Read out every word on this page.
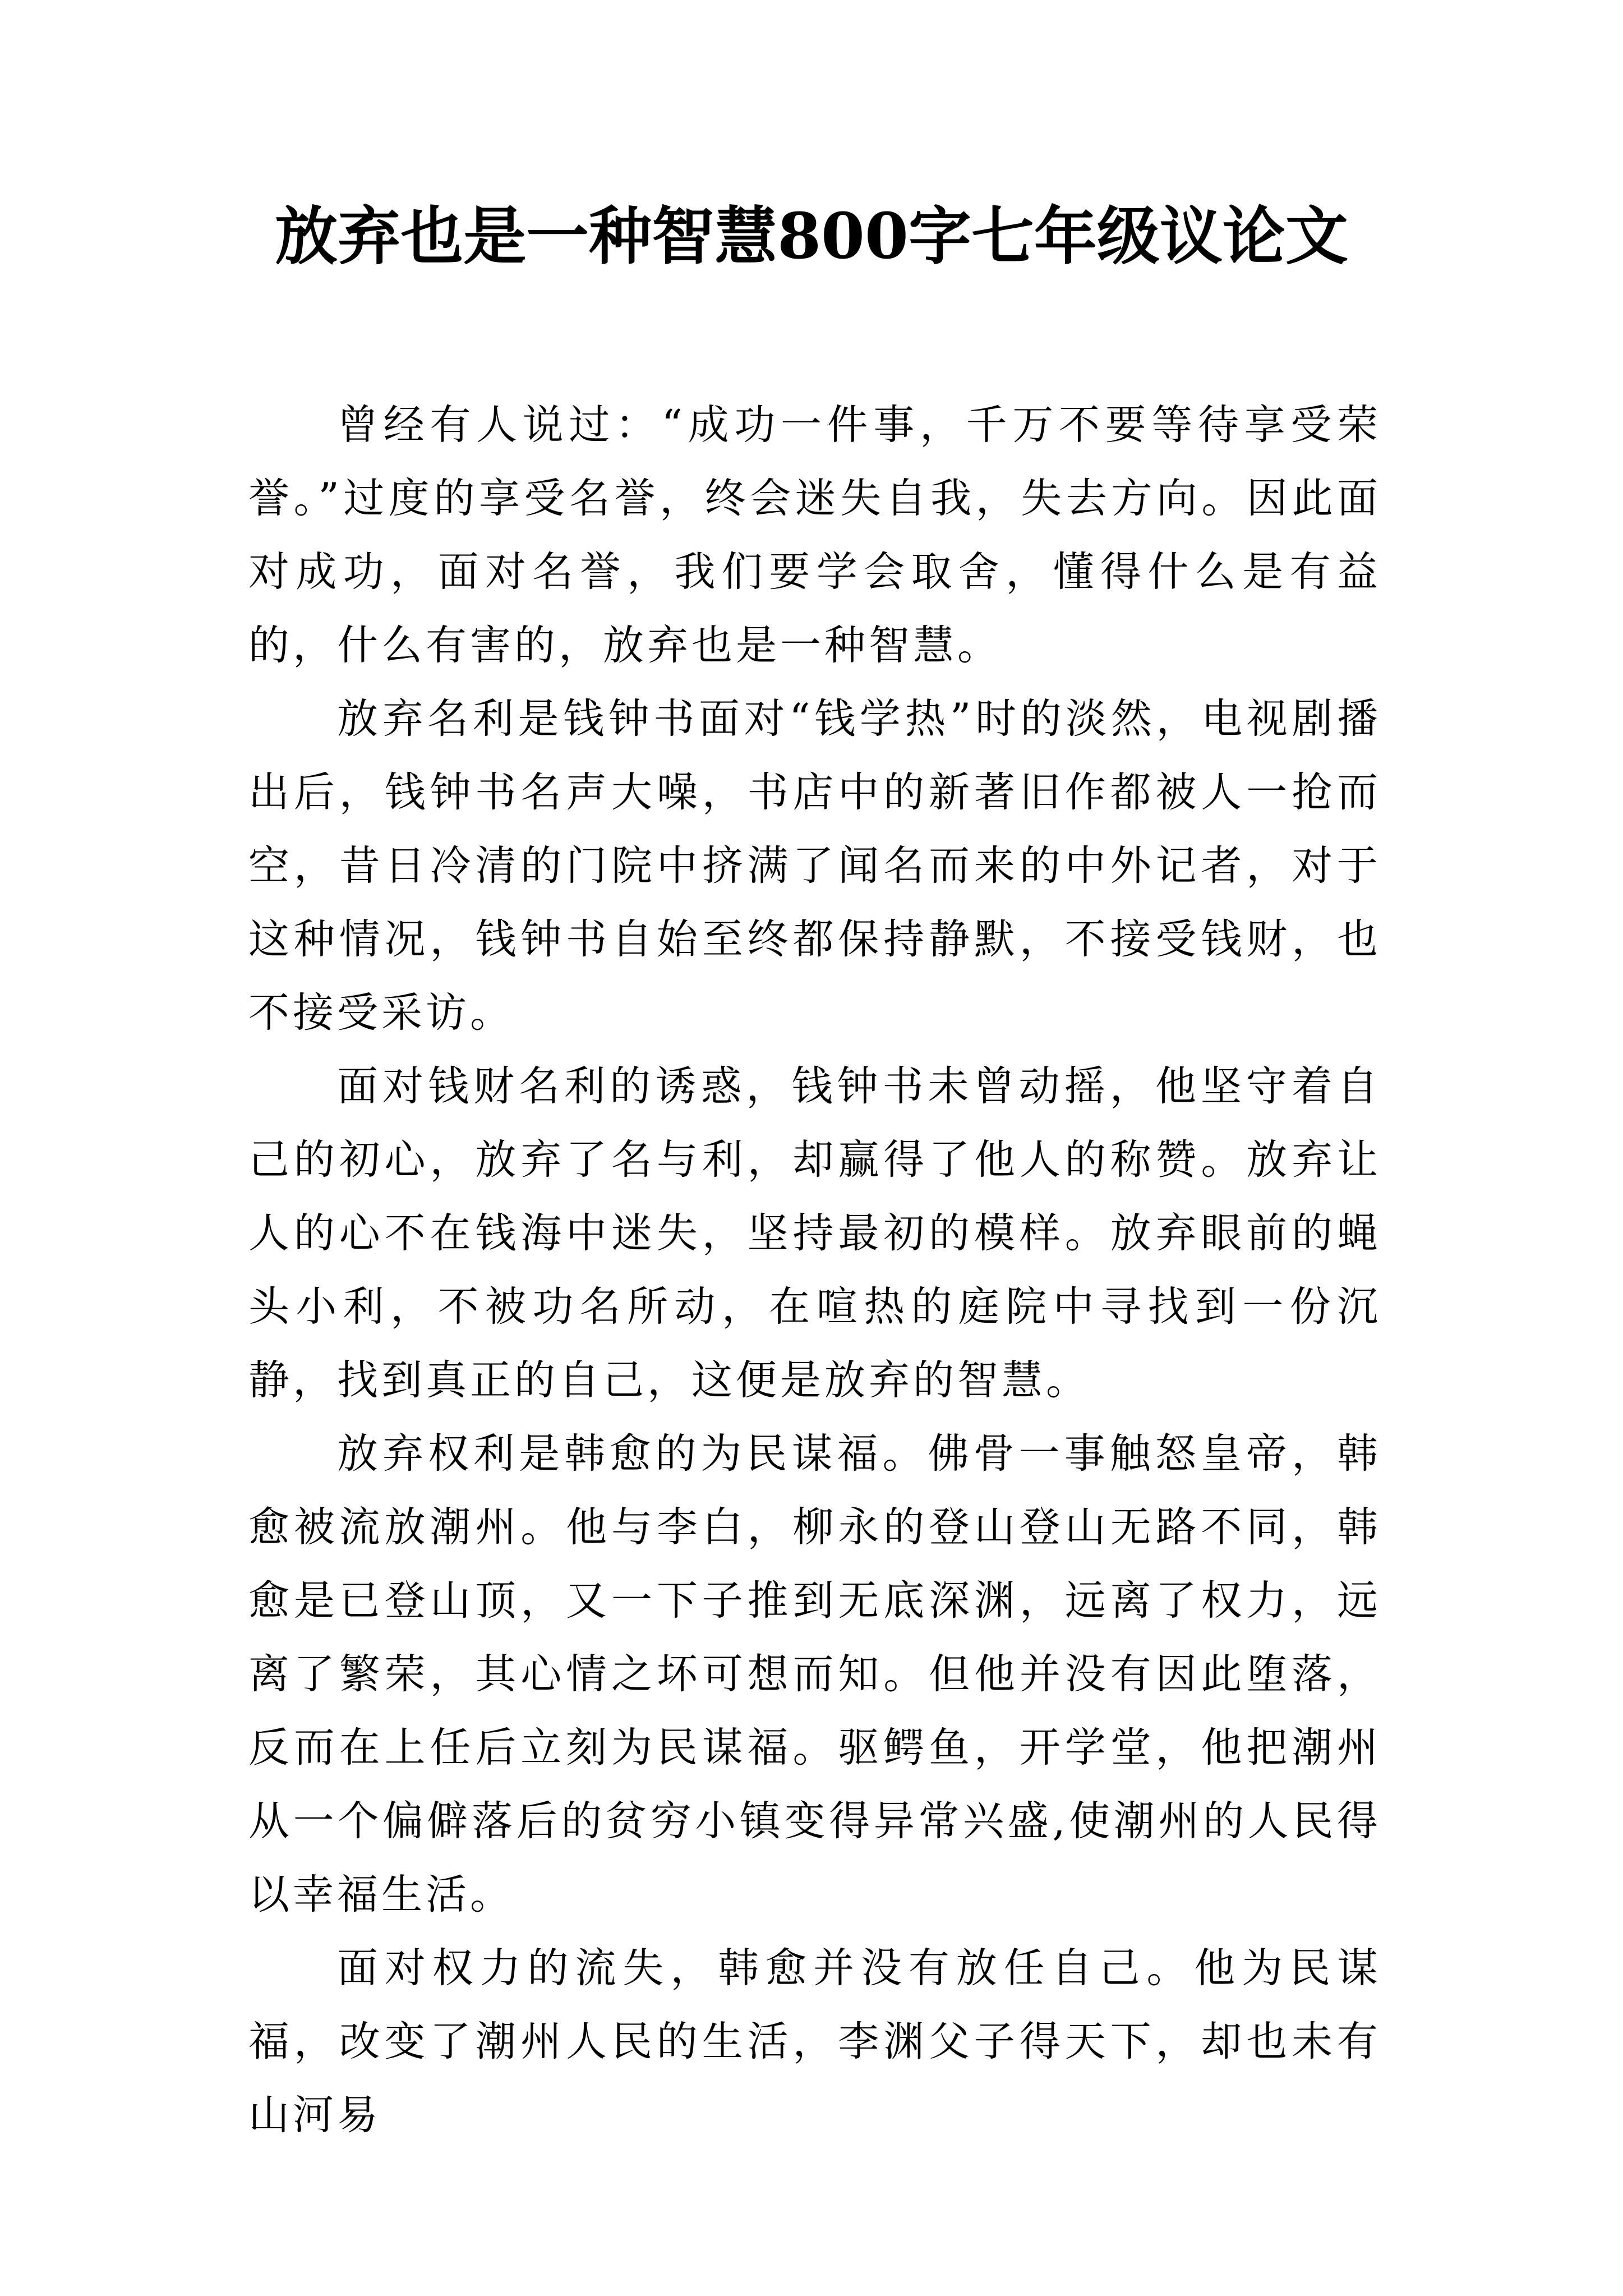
放弃也是一种智慧800字七年级议论文

曾经有人说过：“成功一件事，千万不要等待享受荣誉。”过度的享受名誉，终会迷失自我，失去方向。因此面对成功，面对名誉，我们要学会取舍，懂得什么是有益的，什么有害的，放弃也是一种智慧。

放弃名利是钱钟书面对“钱学热”时的淡然，电视剧播出后，钱钟书名声大噪，书店中的新著旧作都被人一抢而空，昔日冷清的门院中挤满了闻名而来的中外记者，对于这种情况，钱钟书自始至终都保持静默，不接受钱财，也不接受采访。

面对钱财名利的诱惑，钱钟书未曾动摇，他坚守着自己的初心，放弃了名与利，却赢得了他人的称赞。放弃让人的心不在钱海中迷失，坚持最初的模样。放弃眼前的蝇头小利，不被功名所动，在喧热的庭院中寻找到一份沉静，找到真正的自己，这便是放弃的智慧。

放弃权利是韩愈的为民谋福。佛骨一事触怒皇帝，韩愈被流放潮州。他与李白，柳永的登山登山无路不同，韩愈是已登山顶，又一下子推到无底深渊，远离了权力，远离了繁荣，其心情之坏可想而知。但他并没有因此堕落，反而在上任后立刻为民谋福。驱鳄鱼，开学堂，他把潮州从一个偏僻落后的贫穷小镇变得异常兴盛,使潮州的人民得以幸福生活。

面对权力的流失，韩愈并没有放任自己。他为民谋福，改变了潮州人民的生活，李渊父子得天下，却也未有山河易
